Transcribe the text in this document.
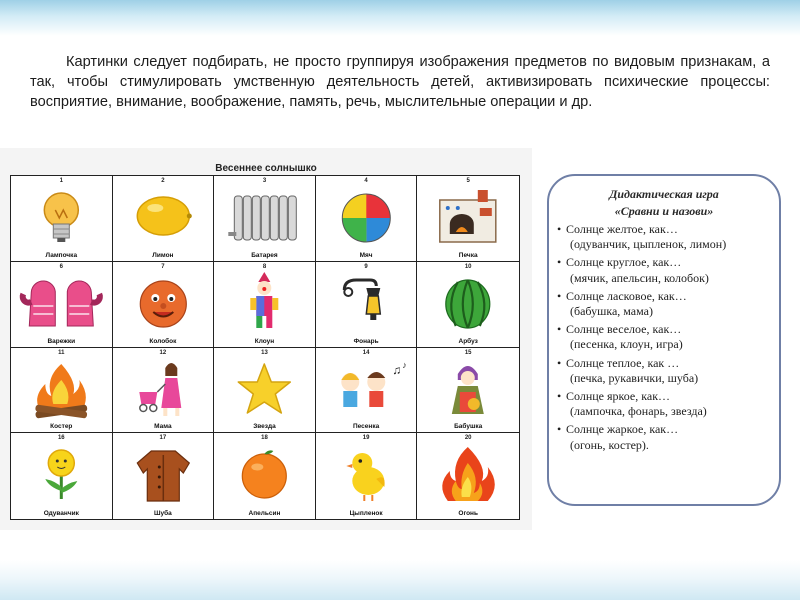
Картинки следует подбирать, не просто группируя изображения предметов по видовым признакам, а так, чтобы стимулировать умственную деятельность детей, активизировать психические процессы: восприятие, внимание, воображение, память, речь, мыслительные операции и др.

Весеннее солнышко
1
Лампочка
2
Лимон
3
Батарея
4
Мяч
5
Печка
6
Варежки
7
Колобок
8
Клоун
9
Фонарь
10
Арбуз
11
Костер
12
Мама
13
Звезда
14
♫ ♪
Песенка
15
Бабушка
16
Одуванчик
17
Шуба
18
Апельсин
19
Цыпленок
20
Огонь
Дидактическая игра
«Сравни и назови»
• Солнце желтое, как…
(одуванчик, цыпленок, лимон)
• Солнце круглое, как…
(мячик, апельсин, колобок)
• Солнце ласковое, как…
(бабушка, мама)
• Солнце веселое, как…
(песенка, клоун, игра)
• Солнце теплое, как …
(печка, рукавички, шуба)
• Солнце яркое, как…
(лампочка, фонарь, звезда)
• Солнце жаркое, как…
(огонь, костер).
